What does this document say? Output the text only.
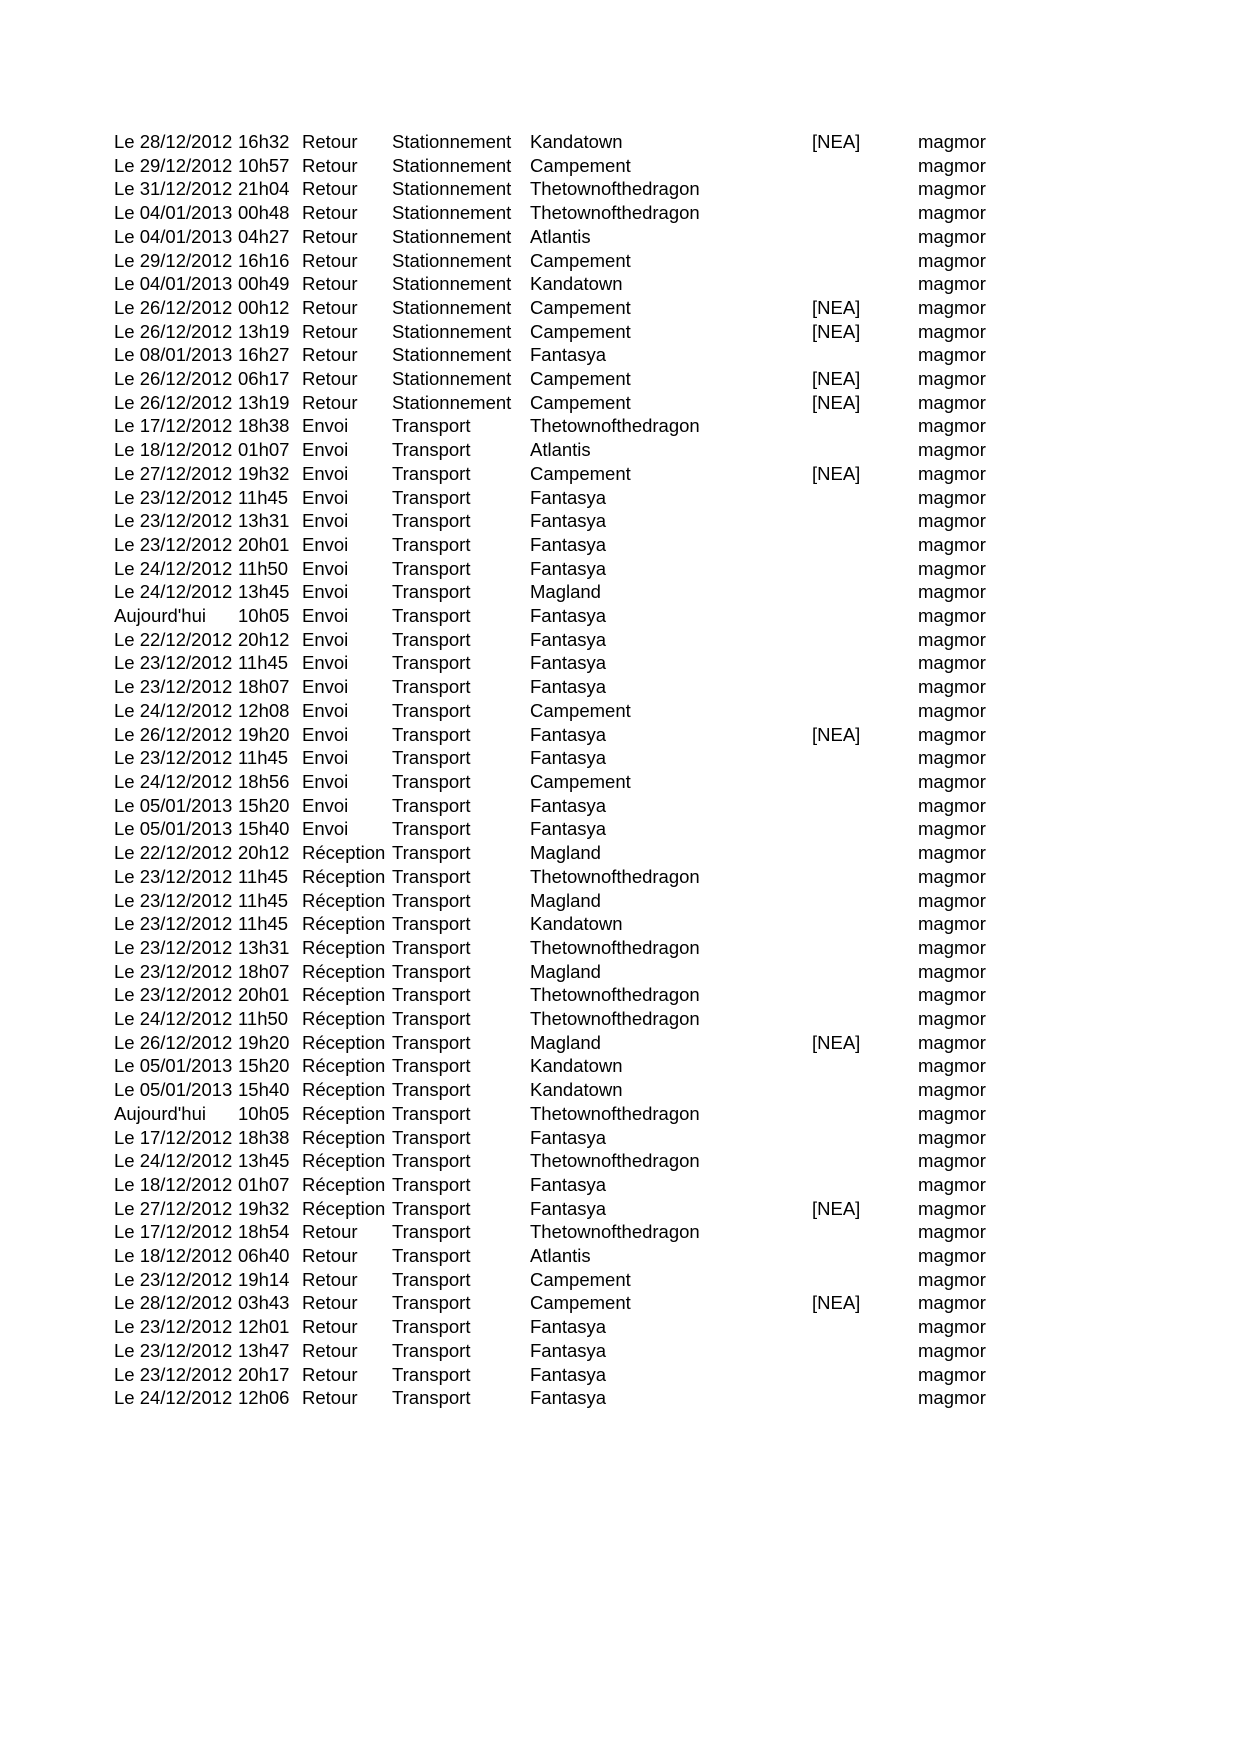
Le 28/12/2012	16h32	Retour	Stationnement	Kandatown	[NEA]	magmor
Le 29/12/2012	10h57	Retour	Stationnement	Campement		magmor
Le 31/12/2012	21h04	Retour	Stationnement	Thetownofthedragon		magmor
Le 04/01/2013	00h48	Retour	Stationnement	Thetownofthedragon		magmor
Le 04/01/2013	04h27	Retour	Stationnement	Atlantis		magmor
Le 29/12/2012	16h16	Retour	Stationnement	Campement		magmor
Le 04/01/2013	00h49	Retour	Stationnement	Kandatown		magmor
Le 26/12/2012	00h12	Retour	Stationnement	Campement	[NEA]	magmor
Le 26/12/2012	13h19	Retour	Stationnement	Campement	[NEA]	magmor
Le 08/01/2013	16h27	Retour	Stationnement	Fantasya		magmor
Le 26/12/2012	06h17	Retour	Stationnement	Campement	[NEA]	magmor
Le 26/12/2012	13h19	Retour	Stationnement	Campement	[NEA]	magmor
Le 17/12/2012	18h38	Envoi	Transport	Thetownofthedragon		magmor
Le 18/12/2012	01h07	Envoi	Transport	Atlantis		magmor
Le 27/12/2012	19h32	Envoi	Transport	Campement	[NEA]	magmor
Le 23/12/2012	11h45	Envoi	Transport	Fantasya		magmor
Le 23/12/2012	13h31	Envoi	Transport	Fantasya		magmor
Le 23/12/2012	20h01	Envoi	Transport	Fantasya		magmor
Le 24/12/2012	11h50	Envoi	Transport	Fantasya		magmor
Le 24/12/2012	13h45	Envoi	Transport	Magland		magmor
Aujourd'hui	10h05	Envoi	Transport	Fantasya		magmor
Le 22/12/2012	20h12	Envoi	Transport	Fantasya		magmor
Le 23/12/2012	11h45	Envoi	Transport	Fantasya		magmor
Le 23/12/2012	18h07	Envoi	Transport	Fantasya		magmor
Le 24/12/2012	12h08	Envoi	Transport	Campement		magmor
Le 26/12/2012	19h20	Envoi	Transport	Fantasya	[NEA]	magmor
Le 23/12/2012	11h45	Envoi	Transport	Fantasya		magmor
Le 24/12/2012	18h56	Envoi	Transport	Campement		magmor
Le 05/01/2013	15h20	Envoi	Transport	Fantasya		magmor
Le 05/01/2013	15h40	Envoi	Transport	Fantasya		magmor
Le 22/12/2012	20h12	Réception	Transport	Magland		magmor
Le 23/12/2012	11h45	Réception	Transport	Thetownofthedragon		magmor
Le 23/12/2012	11h45	Réception	Transport	Magland		magmor
Le 23/12/2012	11h45	Réception	Transport	Kandatown		magmor
Le 23/12/2012	13h31	Réception	Transport	Thetownofthedragon		magmor
Le 23/12/2012	18h07	Réception	Transport	Magland		magmor
Le 23/12/2012	20h01	Réception	Transport	Thetownofthedragon		magmor
Le 24/12/2012	11h50	Réception	Transport	Thetownofthedragon		magmor
Le 26/12/2012	19h20	Réception	Transport	Magland	[NEA]	magmor
Le 05/01/2013	15h20	Réception	Transport	Kandatown		magmor
Le 05/01/2013	15h40	Réception	Transport	Kandatown		magmor
Aujourd'hui	10h05	Réception	Transport	Thetownofthedragon		magmor
Le 17/12/2012	18h38	Réception	Transport	Fantasya		magmor
Le 24/12/2012	13h45	Réception	Transport	Thetownofthedragon		magmor
Le 18/12/2012	01h07	Réception	Transport	Fantasya		magmor
Le 27/12/2012	19h32	Réception	Transport	Fantasya	[NEA]	magmor
Le 17/12/2012	18h54	Retour	Transport	Thetownofthedragon		magmor
Le 18/12/2012	06h40	Retour	Transport	Atlantis		magmor
Le 23/12/2012	19h14	Retour	Transport	Campement		magmor
Le 28/12/2012	03h43	Retour	Transport	Campement	[NEA]	magmor
Le 23/12/2012	12h01	Retour	Transport	Fantasya		magmor
Le 23/12/2012	13h47	Retour	Transport	Fantasya		magmor
Le 23/12/2012	20h17	Retour	Transport	Fantasya		magmor
Le 24/12/2012	12h06	Retour	Transport	Fantasya		magmor
